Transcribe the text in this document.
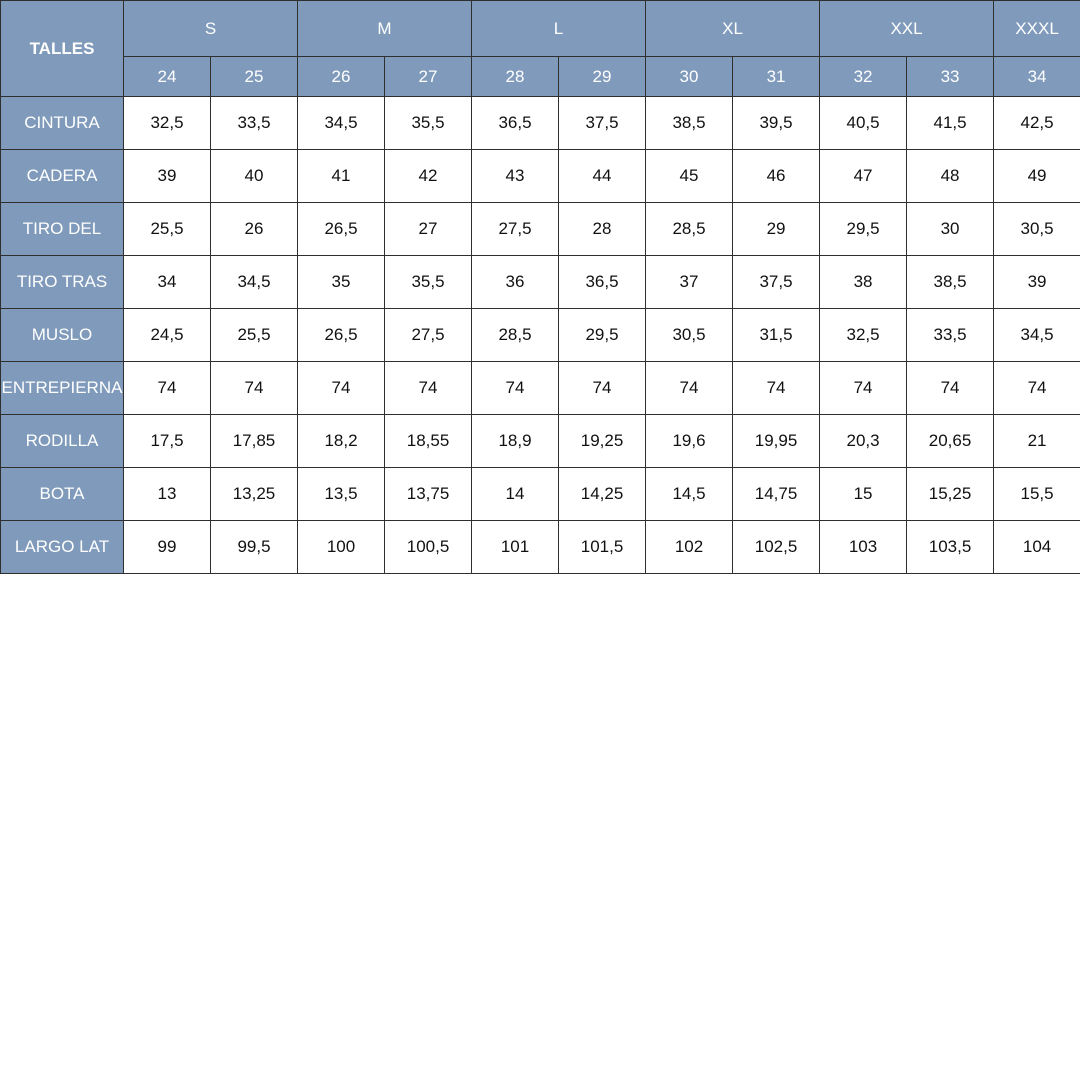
TALLES	S		M		L		XL		XXL		XXXL
	24	25	26	27	28	29	30	31	32	33	34
CINTURA	32,5	33,5	34,5	35,5	36,5	37,5	38,5	39,5	40,5	41,5	42,5
CADERA	39	40	41	42	43	44	45	46	47	48	49
TIRO DEL	25,5	26	26,5	27	27,5	28	28,5	29	29,5	30	30,5
TIRO TRAS	34	34,5	35	35,5	36	36,5	37	37,5	38	38,5	39
MUSLO	24,5	25,5	26,5	27,5	28,5	29,5	30,5	31,5	32,5	33,5	34,5
ENTREPIERNA	74	74	74	74	74	74	74	74	74	74	74
RODILLA	17,5	17,85	18,2	18,55	18,9	19,25	19,6	19,95	20,3	20,65	21
BOTA	13	13,25	13,5	13,75	14	14,25	14,5	14,75	15	15,25	15,5
LARGO LAT	99	99,5	100	100,5	101	101,5	102	102,5	103	103,5	104
